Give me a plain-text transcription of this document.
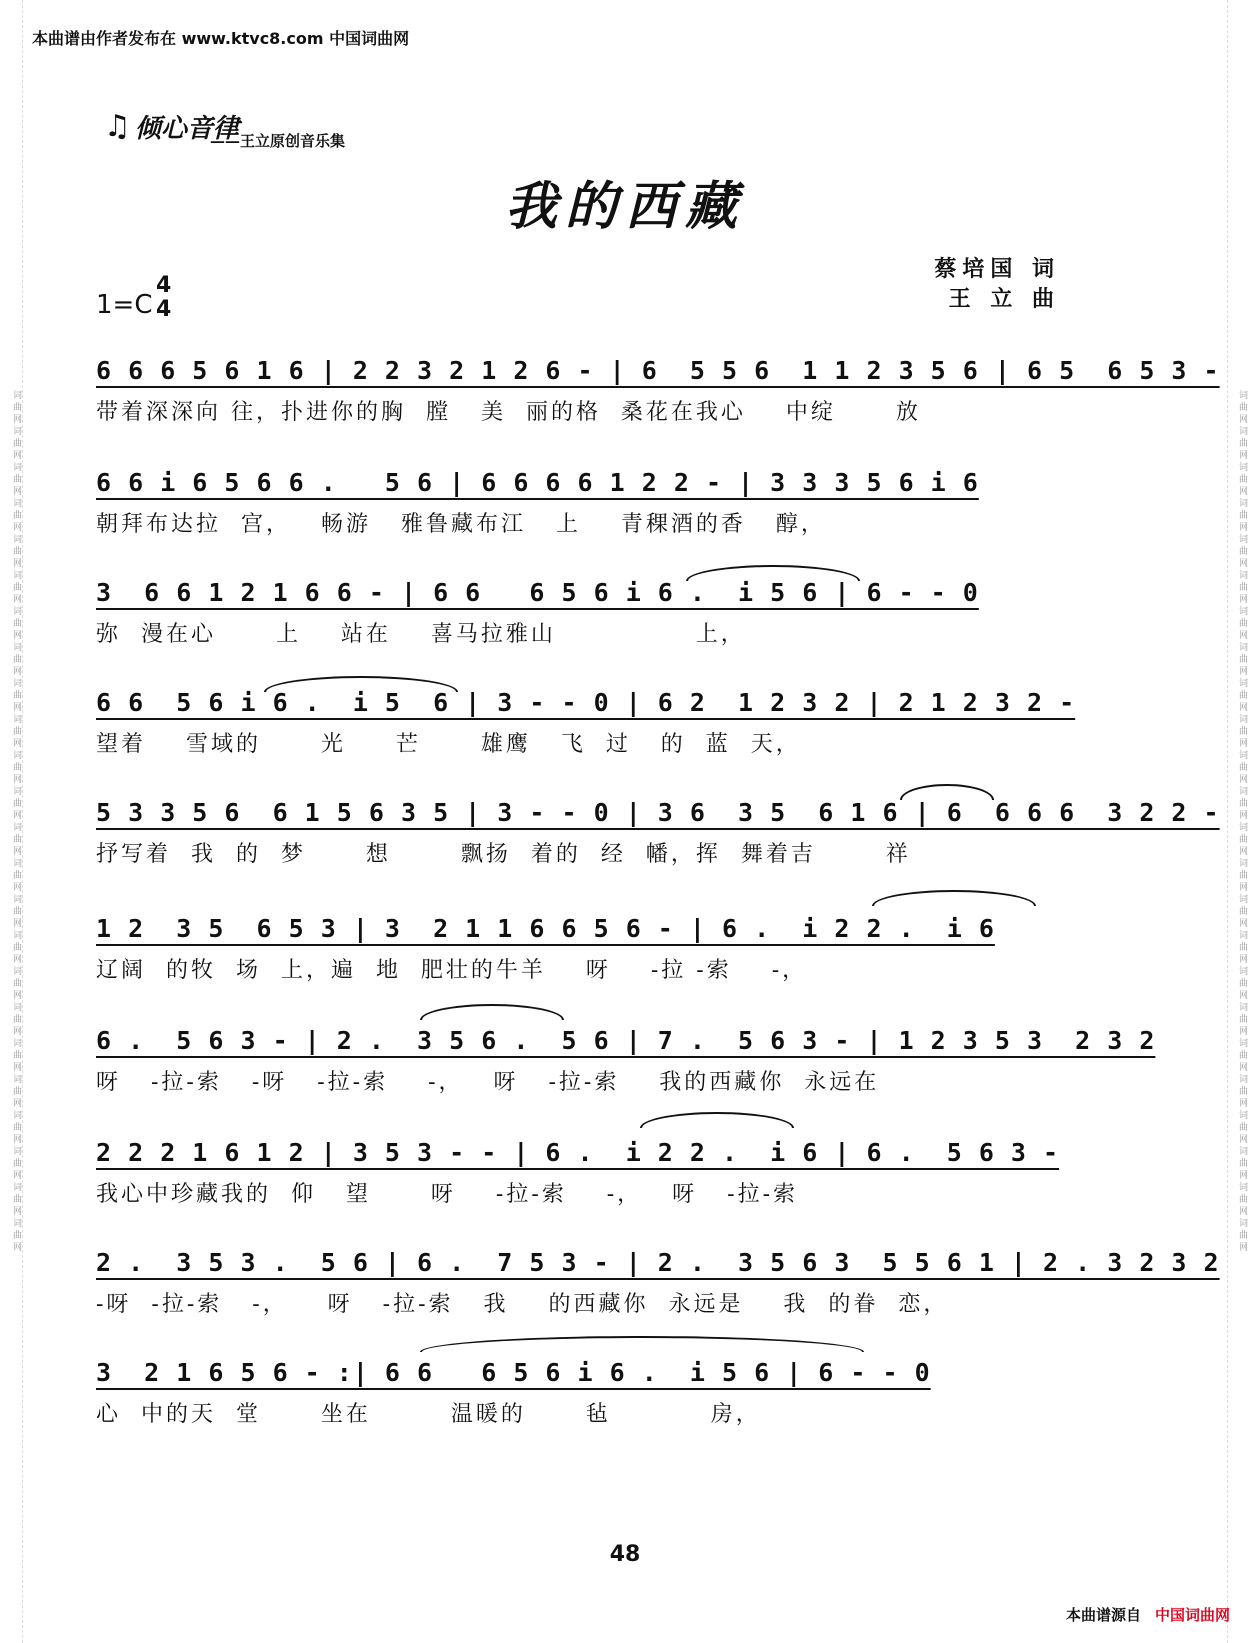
词曲网词曲网词曲网词曲网词曲网词曲网词曲网词曲网词曲网词曲网词曲网词曲网词曲网词曲网词曲网词曲网词曲网词曲网词曲网词曲网词曲网词曲网词曲网词曲网	词曲网词曲网词曲网词曲网词曲网词曲网词曲网词曲网词曲网词曲网词曲网词曲网词曲网词曲网词曲网词曲网词曲网词曲网词曲网词曲网词曲网词曲网词曲网词曲网
本曲谱由作者发布在 www.ktvc8.com 中国词曲网
♫ 倾心音律
——王立原创音乐集
我的西藏
1=C
4
4
蔡培国 词
王 立 曲
6 6 6 5 6 1 6 | 2 2 3 2 1 2 6 - | 6  5 5 6  1 1 2 3 5 6 | 6 5  6 5 3 -
带着深深向 往，扑进你的胸  膛   美  丽的格  桑花在我心    中绽      放
6 6 i 6 5 6 6 .   5 6 | 6 6 6 6 1 2 2 - | 3 3 3 5 6 i 6
朝拜布达拉  宫，   畅游   雅鲁藏布江   上    青稞酒的香   醇，
3  6 6 1 2 1 6 6 - | 6 6   6 5 6 i 6 .  i 5 6 | 6 - - 0
弥  漫在心      上    站在    喜马拉雅山              上，
6 6  5 6 i 6 .  i 5  6 | 3 - - 0 | 6 2  1 2 3 2 | 2 1 2 3 2 -
望着    雪域的      光     芒      雄鹰   飞  过   的  蓝  天，
5 3 3 5 6  6 1 5 6 3 5 | 3 - - 0 | 3 6  3 5  6 1 6 | 6  6 6 6  3 2 2 -
抒写着  我  的  梦      想       飘扬  着的  经  幡，挥  舞着吉       祥
1 2  3 5  6 5 3 | 3  2 1 1 6 6 5 6 - | 6 .  i 2 2 .  i 6
辽阔  的牧  场  上，遍  地  肥壮的牛羊    呀    -拉 -索    -，
6 .  5 6 3 - | 2 .  3 5 6 .  5 6 | 7 .  5 6 3 - | 1 2 3 5 3  2 3 2
呀   -拉-索   -呀   -拉-索    -，   呀   -拉-索    我的西藏你  永远在
2 2 2 1 6 1 2 | 3 5 3 - - | 6 .  i 2 2 .  i 6 | 6 .  5 6 3 -
我心中珍藏我的  仰   望      呀    -拉-索    -，   呀   -拉-索
2 .  3 5 3 .  5 6 | 6 .  7 5 3 - | 2 .  3 5 6 3  5 5 6 1 | 2 . 3 2 3 2
-呀  -拉-索   -，    呀   -拉-索   我    的西藏你  永远是    我  的眷  恋，
3  2 1 6 5 6 - :| 6 6   6 5 6 i 6 .  i 5 6 | 6 - - 0
心  中的天  堂      坐在        温暖的      毡          房，
48
本曲谱源自 中国词曲网
